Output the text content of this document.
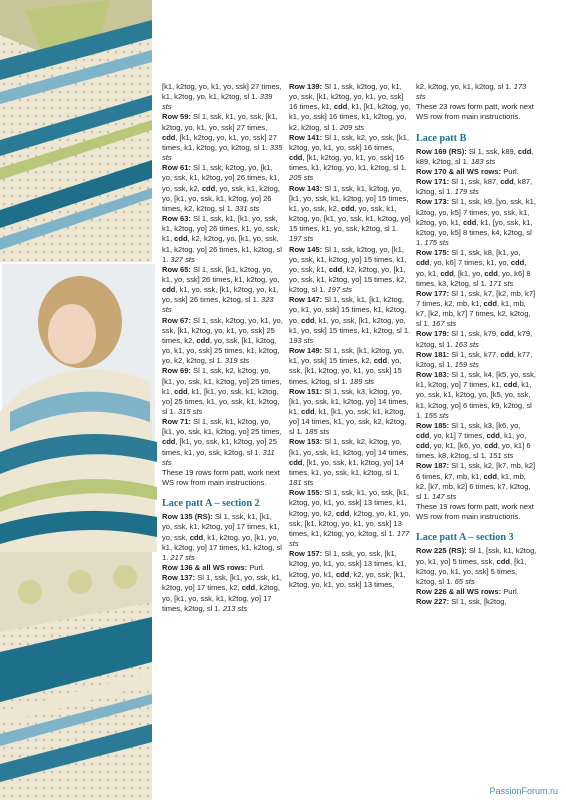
[k1, k2tog, yo, k1, yo, ssk] 27 times, k1, k2tog, yo, k1, k2tog, sl 1. 339 sts
Row 59: Sl 1, ssk, k1, yo, ssk, [k1, k2tog, yo, k1, yo, ssk] 27 times, cdd, [k1, k2tog, yo, k1, yo, ssk] 27 times, k1, k2tog, yo, k2tog, sl 1. 335 sts
Row 61: Sl 1, ssk, k2tog, yo, [k1, yo, ssk, k1, k2tog, yo] 26 times, k1, yo, ssk, k2, cdd, yo, ssk, k1, k2tog, yo, [k1, yo, ssk, k1, k2tog, yo] 26 times, k2, k2tog, sl 1. 331 sts
Row 63: Sl 1, ssk, k1, [k1, yo, ssk, k1, k2tog, yo] 26 times, k1, yo, ssk, k1, cdd, k2, k2tog, yo, [k1, yo, ssk, k1, k2tog, yo] 26 times, k1, k2tog, sl 1. 327 sts
Row 65: Sl 1, ssk, [k1, k2tog, yo, k1, yo, ssk] 26 times, k1, k2tog, yo, cdd, k1, yo, ssk, [k1, k2tog, yo, k1, yo, ssk] 26 times, k2tog, sl 1. 323 sts
Row 67: Sl 1, ssk, k2tog, yo, k1, yo, ssk, [k1, k2tog, yo, k1, yo, ssk] 25 times, k2, cdd, yo, ssk, [k1, k2tog, yo, k1, yo, ssk] 25 times, k1, k2tog, yo, k2, k2tog, sl 1. 319 sts
Row 69: Sl 1, ssk, k2, k2tog, yo, [k1, yo, ssk, k1, k2tog, yo] 25 times, k1, cdd, k1, [k1, yo, ssk, k1, k2tog, yo] 25 times, k1, yo, ssk, k1, k2tog, sl 1. 315 sts
Row 71: Sl 1, ssk, k1, k2tog, yo, [k1, yo, ssk, k1, k2tog, yo] 25 times, cdd, [k1, yo, ssk, k1, k2tog, yo] 25 times, k1, yo, ssk, k2tog, sl 1. 311 sts
These 19 rows form patt, work next WS row from main instructions.
Lace patt A – section 2
Row 135 (RS): Sl 1, ssk, k1, [k1, yo, ssk, k1, k2tog, yo] 17 times, k1, yo, ssk, cdd, k1, k2tog, yo, [k1, yo, k1, k2tog, yo] 17 times, k1, k2tog, sl 1. 217 sts
Row 136 & all WS rows: Purl.
Row 137: Sl 1, ssk, [k1, yo, ssk, k1, k2tog, yo] 17 times, k2, cdd, k2tog, yo, [k1, yo, ssk, k1, k2tog, yo] 17 times, k2tog, sl 1. 213 sts
Row 139: Sl 1, ssk, k2tog, yo, k1, yo, ssk, [k1, k2tog, yo, k1, yo, ssk] 16 times, k1, cdd, k1, [k1, k2tog, yo, k1, yo, ssk] 16 times, k1, k2tog, yo, k2, k2tog, sl 1. 209 sts
Row 141: Sl 1, ssk, k2, yo, ssk, [k1, k2tog, yo, k1, yo, ssk] 16 times, cdd, [k1, k2tog, yo, k1, yo, ssk] 16 times, k1, k2tog, yo, k1, k2tog, sl 1. 205 sts
Row 143: Sl 1, ssk, k1, k2tog, yo, [k1, yo, ssk, k1, k2tog, yo] 15 times, k1, yo, ssk, k2, cdd, yo, ssk, k1, k2tog, yo, [k1, yo, ssk, k1, k2tog, yo] 15 times, k1, yo, ssk, k2tog, sl 1. 197 sts
Row 145: Sl 1, ssk, k2tog, yo, [k1, yo, ssk, k1, k2tog, yo] 15 times, k1, yo, ssk, k1, cdd, k2, k2tog, yo, [k1, yo, ssk, k1, k2tog, yo] 15 times, k2, k2tog, sl 1. 197 sts
Row 147: Sl 1, ssk, k1, [k1, k2tog, yo, k1, yo, ssk] 15 times, k1, k2tog, yo, cdd, k1, yo, ssk, [k1, k2tog, yo, k1, yo, ssk] 15 times, k1, k2tog, sl 1. 193 sts
Row 149: Sl 1, ssk, [k1, k2tog, yo, k1, yo, ssk] 15 times, k2, cdd, yo, ssk, [k1, k2tog, yo, k1, yo, ssk] 15 times, k2tog, sl 1. 189 sts
Row 151: Sl 1, ssk, k3, k2tog, yo, [k1, yo, ssk, k1, k2tog, yo] 14 times, k1, cdd, k1, [k1, yo, ssk, k1, k2tog, yo] 14 times, k1, yo, ssk, k2, k2tog, sl 1. 185 sts
Row 153: Sl 1, ssk, k2, k2tog, yo, [k1, yo, ssk, k1, k2tog, yo] 14 times, cdd, [k1, yo, ssk, k1, k2tog, yo] 14 times, k1, yo, ssk, k1, k2tog, sl 1. 181 sts
Row 155: Sl 1, ssk, k1, yo, ssk, [k1, k2tog, yo, k1, yo, ssk] 13 times, k1, k2tog, yo, k2, cdd, k2tog, yo, k1, yo, ssk, [k1, k2tog, yo, k1, yo, ssk] 13 times, k1, k2tog, yo, k2tog, sl 1. 177 sts
Row 157: Sl 1, ssk, yo, ssk, [k1, k2tog, yo, k1, yo, ssk] 13 times, k1, k2tog, yo, k1, cdd, k2, yo, ssk, [k1, k2tog, yo, k1, yo, ssk] 13 times,
k2, k2tog, yo, k1, k2tog, sl 1. 173 sts
These 23 rows form patt, work next WS row from main instructions.
Lace patt B
Row 169 (RS): Sl 1, ssk, k89, cdd, k89, k2tog, sl 1. 183 sts
Row 170 & all WS rows: Purl.
Row 171: Sl 1, ssk, k87, cdd, k87, k2tog, sl 1. 179 sts
Row 173: Sl 1, ssk, k9, [yo, ssk, k1, k2tog, yo, k5] 7 times, yo, ssk, k1, k2tog, yo, k1, cdd, k1, [yo, ssk, k1, k2tog, yo, k5] 8 times, k4, k2tog, sl 1. 175 sts
Row 175: Sl 1, ssk, k8, [k1, yo, cdd, yo, k6] 7 times, k1, yo, cdd, yo, k1, cdd, [k1, yo, cdd, yo, k6] 8 times, k3, k2tog, sl 1. 171 sts
Row 177: Sl 1, ssk, k7, [k2, mb, k7] 7 times, k2, mb, k1, cdd, k1, mb, k7, [k2, mb, k7] 7 times, k2, k2tog, sl 1. 167 sts
Row 179: Sl 1, ssk, k79, cdd, k79, k2tog, sl 1. 163 sts
Row 181: Sl 1, ssk, k77, cdd, k77, k2tog, sl 1. 159 sts
Row 183: Sl 1, ssk, k4, [k5, yo, ssk, k1, k2tog, yo] 7 times, k1, cdd, k1, yo, ssk, k1, k2tog, yo, [k5, yo, ssk, k1, k2tog, yo] 6 times, k9, k2tog, sl 1. 155 sts
Row 185: Sl 1, ssk, k3, [k6, yo, cdd, yo, k1] 7 times, cdd, k1, yo, cdd, yo, k1, [k6, yo, cdd, yo, k1] 6 times, k8, k2tog, sl 1. 151 sts
Row 187: Sl 1, ssk, k2, [k7, mb, k2] 6 times, k7, mb, k1, cdd, k1, mb, k2, [k7, mb, k2] 6 times, k7, k2tog, sl 1. 147 sts
These 19 rows form patt, work next WS row from main instructions.
Lace patt A – section 3
Row 225 (RS): Sl 1, [ssk, k1, k2tog, yo, k1, yo] 5 times, ssk, cdd, [k1, k2tog, yo, k1, yo, ssk] 5 times, k2tog, sl 1. 65 sts
Row 226 & all WS rows: Purl.
Row 227: Sl 1, ssk, [k2tog,
PassionForum.ru
